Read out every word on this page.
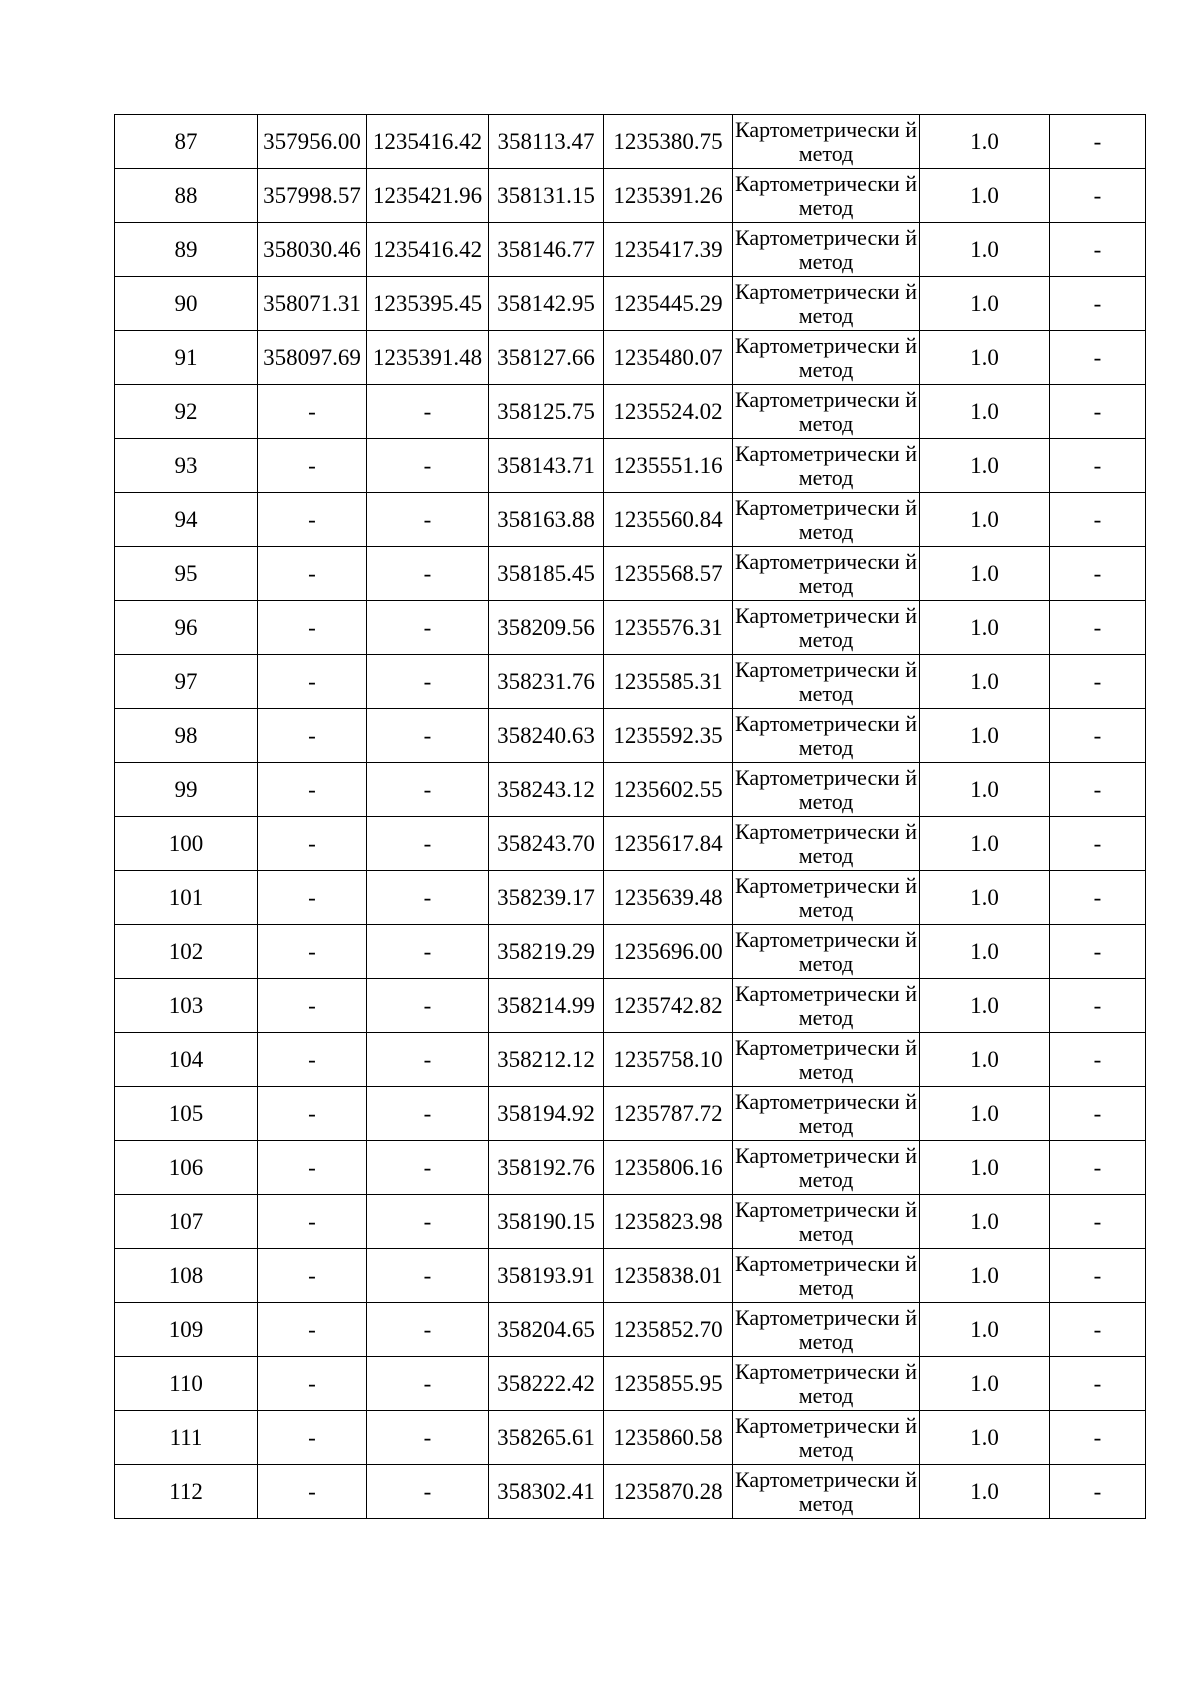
87	357956.00	1235416.42	358113.47	1235380.75	Картометрически й метод	1.0	-
88	357998.57	1235421.96	358131.15	1235391.26	Картометрически й метод	1.0	-
89	358030.46	1235416.42	358146.77	1235417.39	Картометрически й метод	1.0	-
90	358071.31	1235395.45	358142.95	1235445.29	Картометрически й метод	1.0	-
91	358097.69	1235391.48	358127.66	1235480.07	Картометрически й метод	1.0	-
92	-	-	358125.75	1235524.02	Картометрически й метод	1.0	-
93	-	-	358143.71	1235551.16	Картометрически й метод	1.0	-
94	-	-	358163.88	1235560.84	Картометрически й метод	1.0	-
95	-	-	358185.45	1235568.57	Картометрически й метод	1.0	-
96	-	-	358209.56	1235576.31	Картометрически й метод	1.0	-
97	-	-	358231.76	1235585.31	Картометрически й метод	1.0	-
98	-	-	358240.63	1235592.35	Картометрически й метод	1.0	-
99	-	-	358243.12	1235602.55	Картометрически й метод	1.0	-
100	-	-	358243.70	1235617.84	Картометрически й метод	1.0	-
101	-	-	358239.17	1235639.48	Картометрически й метод	1.0	-
102	-	-	358219.29	1235696.00	Картометрически й метод	1.0	-
103	-	-	358214.99	1235742.82	Картометрически й метод	1.0	-
104	-	-	358212.12	1235758.10	Картометрически й метод	1.0	-
105	-	-	358194.92	1235787.72	Картометрически й метод	1.0	-
106	-	-	358192.76	1235806.16	Картометрически й метод	1.0	-
107	-	-	358190.15	1235823.98	Картометрически й метод	1.0	-
108	-	-	358193.91	1235838.01	Картометрически й метод	1.0	-
109	-	-	358204.65	1235852.70	Картометрически й метод	1.0	-
110	-	-	358222.42	1235855.95	Картометрически й метод	1.0	-
111	-	-	358265.61	1235860.58	Картометрически й метод	1.0	-
112	-	-	358302.41	1235870.28	Картометрически й метод	1.0	-
